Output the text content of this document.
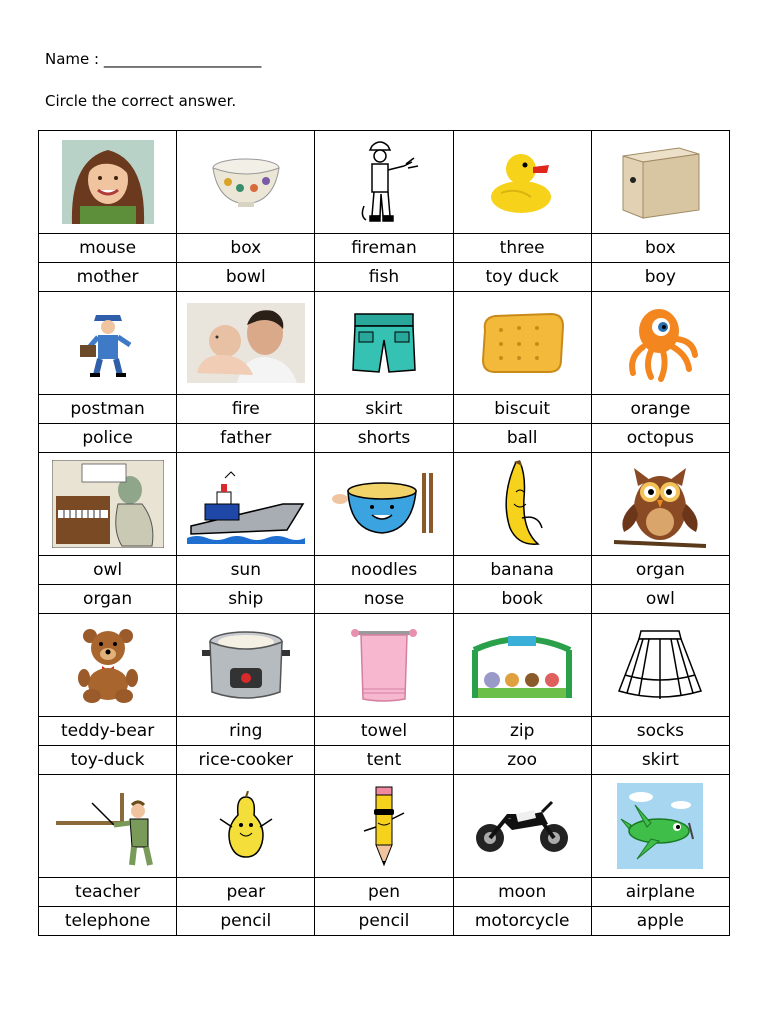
Name : _____________________
Circle the correct answer.

mouse	box	fireman	three	box
mother	bowl	fish	toy duck	boy

postman	fire	skirt	biscuit	orange
police	father	shorts	ball	octopus

owl	sun	noodles	banana	organ
organ	ship	nose	book	owl

teddy-bear	ring	towel	zip	socks
toy-duck	rice-cooker	tent	zoo	skirt

teacher	pear	pen	moon	airplane
telephone	pencil	pencil	motorcycle	apple
